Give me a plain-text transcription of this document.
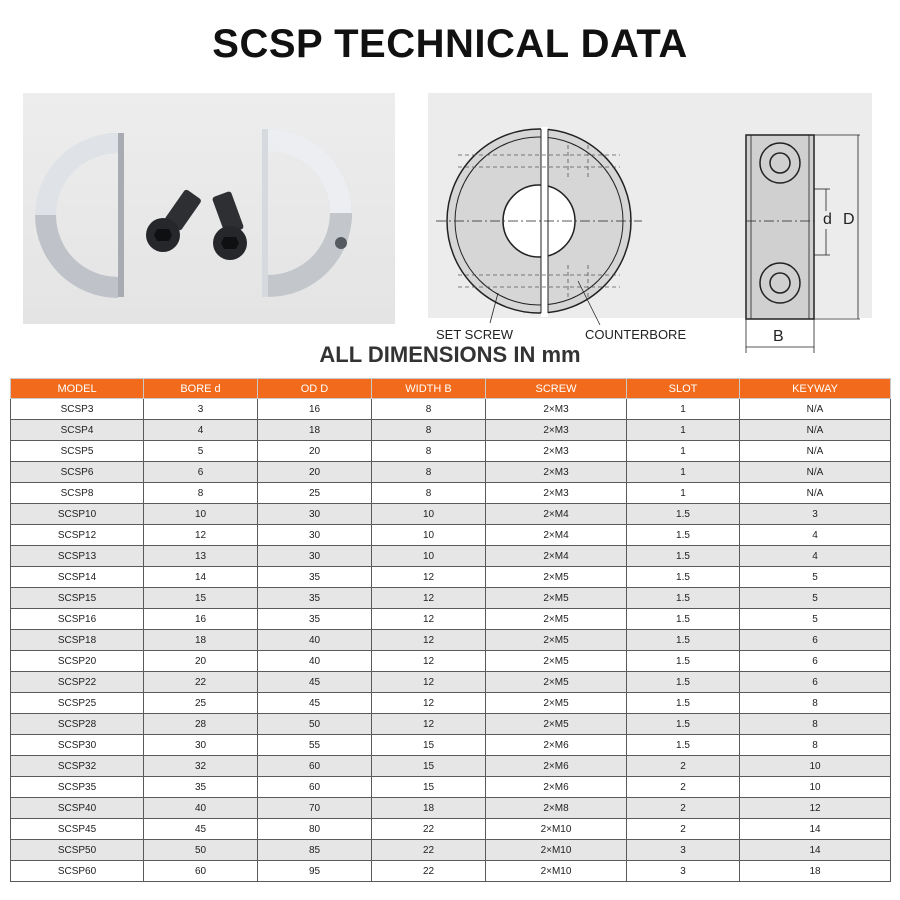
SCSP TECHNICAL DATA
SET SCREW	COUNTERBORE
d D
B
ALL DIMENSIONS IN mm
MODEL	BORE d	OD D	WIDTH B	SCREW	SLOT	KEYWAY
SCSP3	3	16	8	2×M3	1	N/A
SCSP4	4	18	8	2×M3	1	N/A
SCSP5	5	20	8	2×M3	1	N/A
SCSP6	6	20	8	2×M3	1	N/A
SCSP8	8	25	8	2×M3	1	N/A
SCSP10	10	30	10	2×M4	1.5	3
SCSP12	12	30	10	2×M4	1.5	4
SCSP13	13	30	10	2×M4	1.5	4
SCSP14	14	35	12	2×M5	1.5	5
SCSP15	15	35	12	2×M5	1.5	5
SCSP16	16	35	12	2×M5	1.5	5
SCSP18	18	40	12	2×M5	1.5	6
SCSP20	20	40	12	2×M5	1.5	6
SCSP22	22	45	12	2×M5	1.5	6
SCSP25	25	45	12	2×M5	1.5	8
SCSP28	28	50	12	2×M5	1.5	8
SCSP30	30	55	15	2×M6	1.5	8
SCSP32	32	60	15	2×M6	2	10
SCSP35	35	60	15	2×M6	2	10
SCSP40	40	70	18	2×M8	2	12
SCSP45	45	80	22	2×M10	2	14
SCSP50	50	85	22	2×M10	3	14
SCSP60	60	95	22	2×M10	3	18
